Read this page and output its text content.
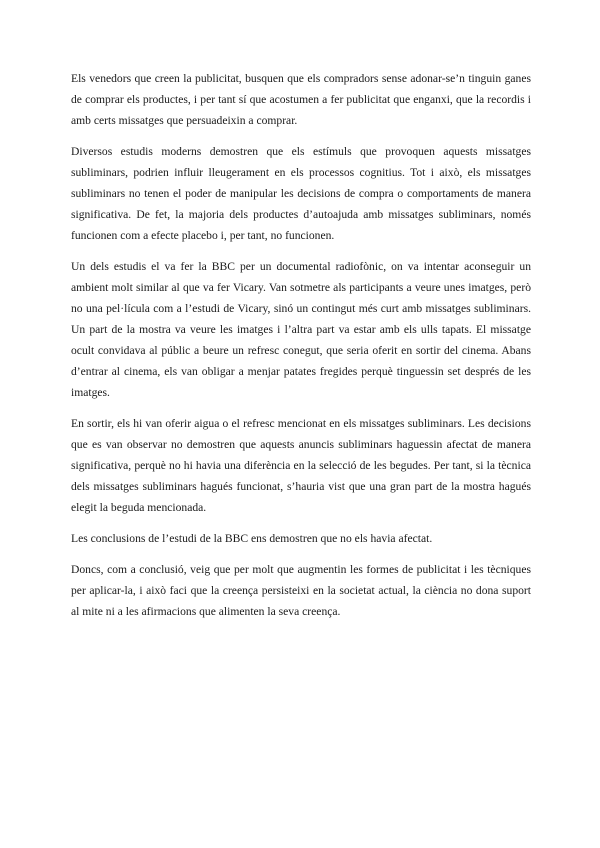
Els venedors que creen la publicitat, busquen que els compradors sense adonar-se’n tinguin ganes de comprar els productes, i per tant sí que acostumen a fer publicitat que enganxi, que la recordis i amb certs missatges que persuadeixin a comprar.

Diversos estudis moderns demostren que els estímuls que provoquen aquests missatges subliminars, podrien influir lleugerament en els processos cognitius. Tot i això, els missatges subliminars no tenen el poder de manipular les decisions de compra o comportaments de manera significativa. De fet, la majoria dels productes d’autoajuda amb missatges subliminars, només funcionen com a efecte placebo i, per tant, no funcionen.

Un dels estudis el va fer la BBC per un documental radiofònic, on va intentar aconseguir un ambient molt similar al que va fer Vicary. Van sotmetre als participants a veure unes imatges, però no una pel·lícula com a l’estudi de Vicary, sinó un contingut més curt amb missatges subliminars. Un part de la mostra va veure les imatges i l’altra part va estar amb els ulls tapats. El missatge ocult convidava al públic a beure un refresc conegut, que seria oferit en sortir del cinema. Abans d’entrar al cinema, els van obligar a menjar patates fregides perquè tinguessin set després de les imatges.

En sortir, els hi van oferir aigua o el refresc mencionat en els missatges subliminars. Les decisions que es van observar no demostren que aquests anuncis subliminars haguessin afectat de manera significativa, perquè no hi havia una diferència en la selecció de les begudes. Per tant, si la tècnica dels missatges subliminars hagués funcionat, s’hauria vist que una gran part de la mostra hagués elegit la beguda mencionada.

Les conclusions de l’estudi de la BBC ens demostren que no els havia afectat.

Doncs, com a conclusió, veig que per molt que augmentin les formes de publicitat i les tècniques per aplicar-la, i això faci que la creença persisteixi en la societat actual, la ciència no dona suport al mite ni a les afirmacions que alimenten la seva creença.
